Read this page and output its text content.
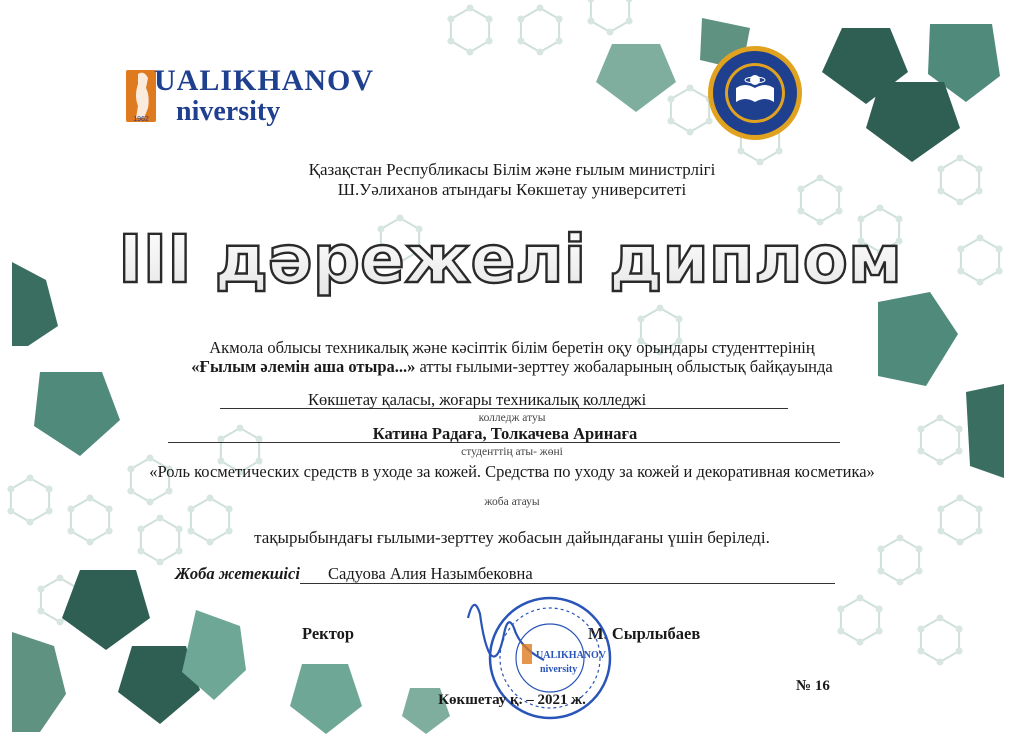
1962
UALIKHANOV
niversity
Қазақстан Республикасы Білім және ғылым министрлігі
Ш.Уәлиханов атындағы Көкшетау университеті
III дәрежелі диплом
Акмола облысы техникалық және кәсіптік білім беретін оқу орындары студенттерінің
«Ғылым әлемін аша отыра...» атты ғылыми-зерттеу жобаларының облыстық байқауында
Көкшетау қаласы, жоғары техникалық колледжі
колледж атуы
Катина Радаға, Толкачева Аринаға
студенттің аты- жөні
«Роль косметических средств в уходе за кожей. Средства по уходу за кожей и декоративная косметика»
жоба атауы
тақырыбындағы ғылыми-зерттеу жобасын дайындағаны үшін беріледі.
Жоба жетекшісі Садуова Алия Назымбековна
Ректор	М. Сырлыбаев
UALIKHANOV
niversity
№ 16
Көкшетау қ. – 2021 ж.
